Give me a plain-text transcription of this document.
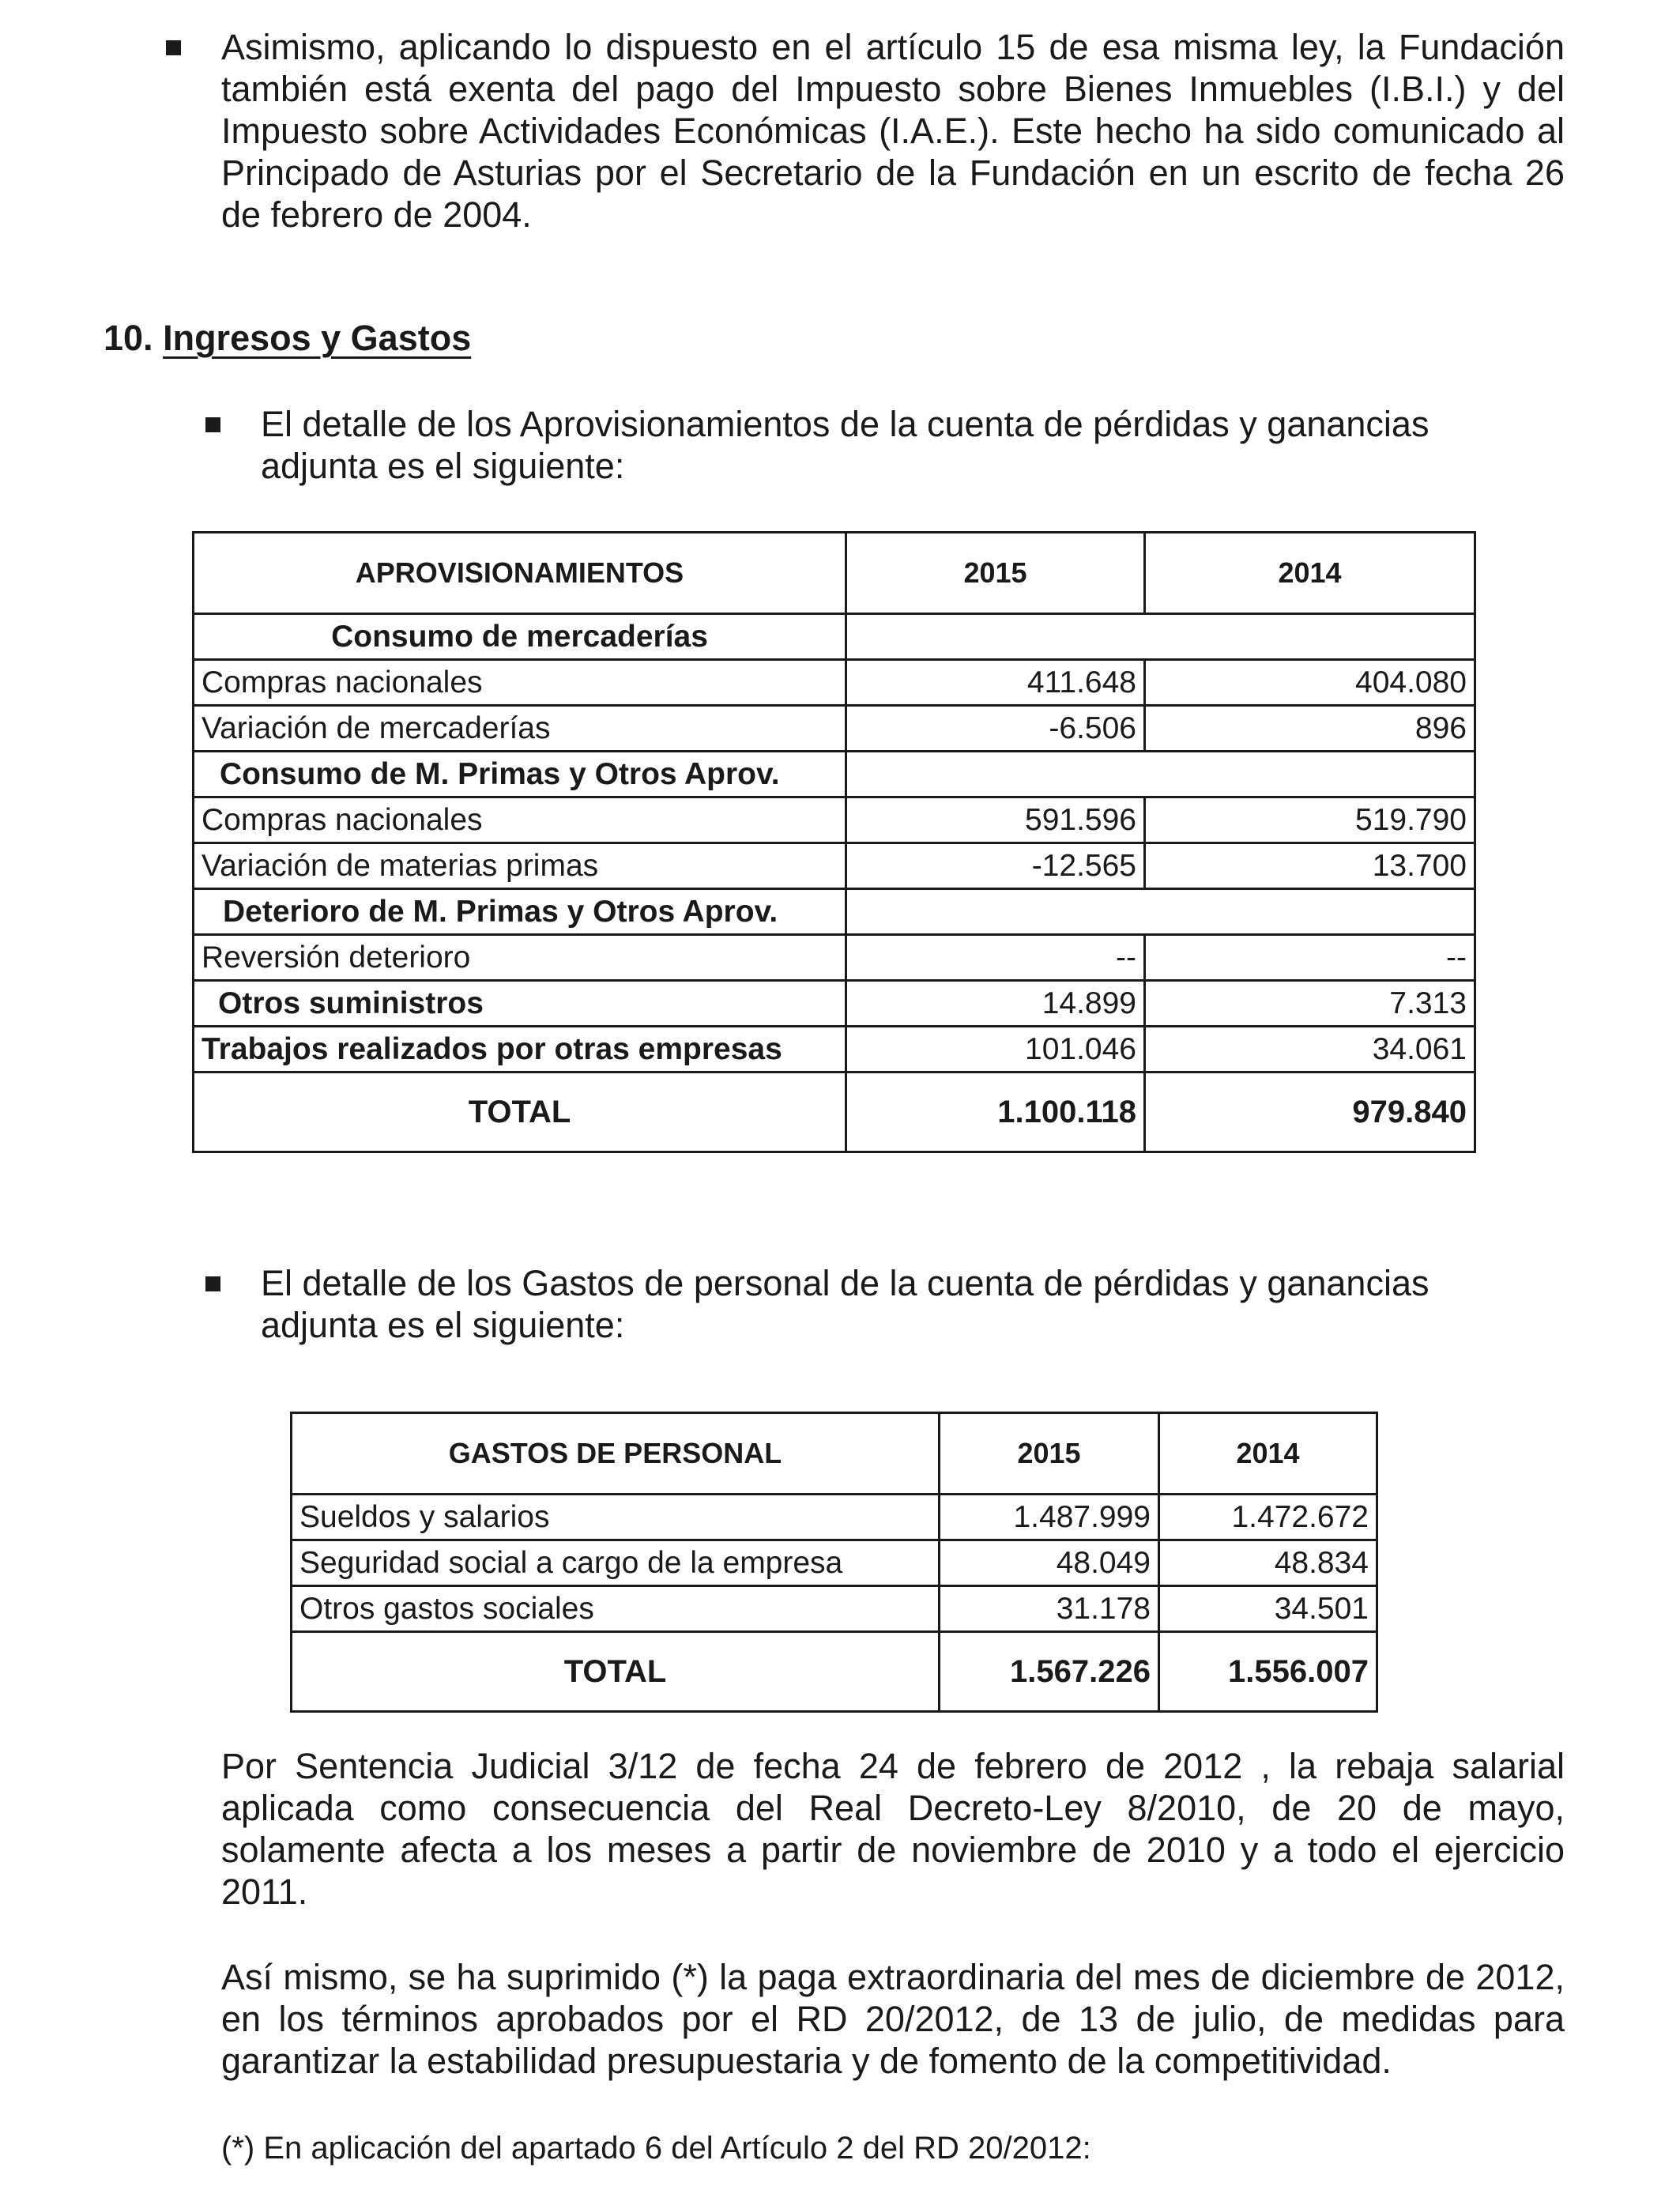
Asimismo, aplicando lo dispuesto en el artículo 15 de esa misma ley, la Fundación también está exenta del pago del Impuesto sobre Bienes Inmuebles (I.B.I.) y del Impuesto sobre Actividades Económicas (I.A.E.). Este hecho ha sido comunicado al Principado de Asturias por el Secretario de la Fundación en un escrito de fecha 26 de febrero de 2004.
10. Ingresos y Gastos
El detalle de los Aprovisionamientos de la cuenta de pérdidas y ganancias adjunta es el siguiente:
APROVISIONAMIENTOS	2015	2014
Consumo de mercaderías		
Compras nacionales	411.648	404.080
Variación de mercaderías	-6.506	896
Consumo de M. Primas y Otros Aprov.		
Compras nacionales	591.596	519.790
Variación de materias primas	-12.565	13.700
Deterioro de M. Primas y Otros Aprov.		
Reversión deterioro	--	--
Otros suministros	14.899	7.313
Trabajos realizados por otras empresas	101.046	34.061
TOTAL	1.100.118	979.840
El detalle de los Gastos de personal de la cuenta de pérdidas y ganancias adjunta es el siguiente:
GASTOS DE PERSONAL	2015	2014
Sueldos y salarios	1.487.999	1.472.672
Seguridad social a cargo de la empresa	48.049	48.834
Otros gastos sociales	31.178	34.501
TOTAL	1.567.226	1.556.007
Por Sentencia Judicial 3/12 de fecha 24 de febrero de 2012 , la rebaja salarial aplicada como consecuencia del Real Decreto-Ley 8/2010, de 20 de mayo, solamente afecta a los meses a partir de noviembre de 2010 y a todo el ejercicio 2011.
Así mismo, se ha suprimido (*) la paga extraordinaria del mes de diciembre de 2012, en los términos aprobados por el RD 20/2012, de 13 de julio, de medidas para garantizar la estabilidad presupuestaria y de fomento de la competitividad.
(*) En aplicación del apartado 6 del Artículo 2 del RD 20/2012:
